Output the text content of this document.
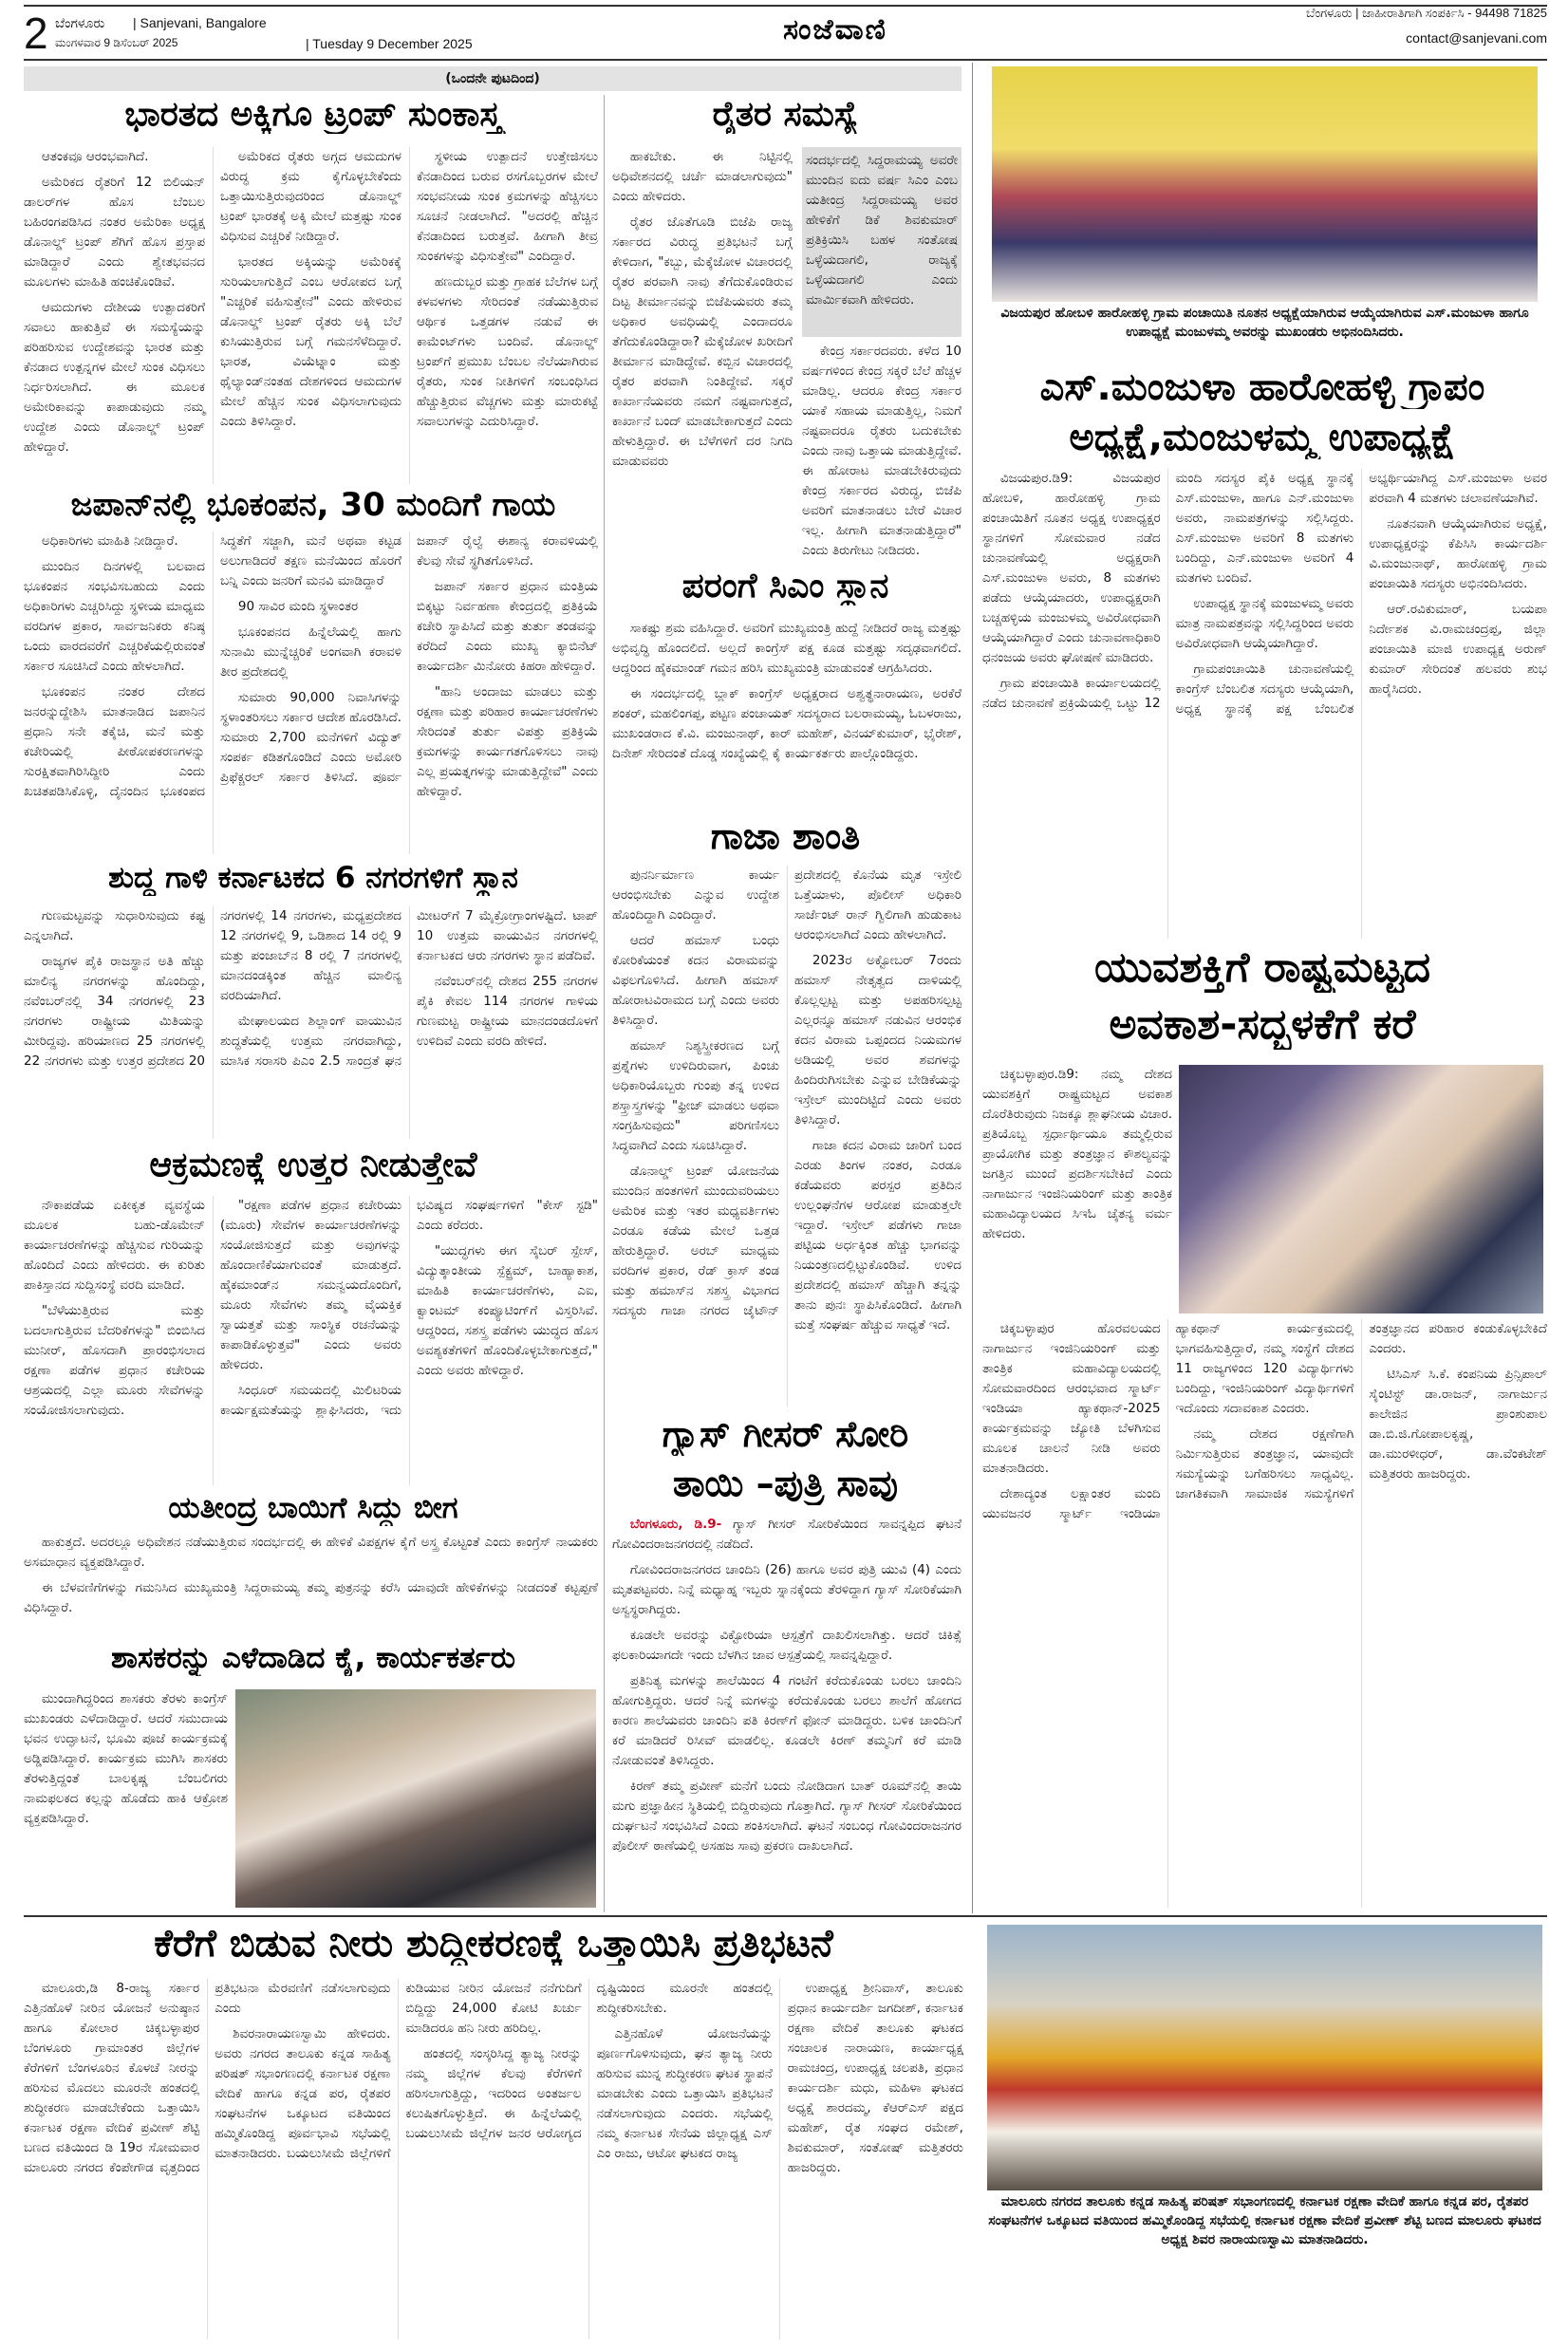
2 ಬೆಂಗಳೂರು | Sanjevani, Bangalore
ಮಂಗಳವಾರ 9 ಡಿಸೆಂಬರ್ 2025	| Tuesday 9 December 2025	ಸಂಜೆವಾಣಿ
ಬೆಂಗಳೂರು | ಜಾಹೀರಾತಿಗಾಗಿ ಸಂಪರ್ಕಿಸಿ - 94498 71825
contact@sanjevani.com
(ಒಂದನೇ ಪುಟದಿಂದ)
ಭಾರತದ ಅಕ್ಕಿಗೂ ಟ್ರಂಪ್ ಸುಂಕಾಸ್ತ್ರ

ಆತಂಕವೂ ಆರಂಭವಾಗಿದೆ.

ಅಮೆರಿಕದ ರೈತರಿಗೆ 12 ಬಿಲಿಯನ್ ಡಾಲರ್‌ಗಳ ಹೊಸ ಬೆಂಬಲ ಬಹಿರಂಗಪಡಿಸಿದ ನಂತರ ಅಮೆರಿಕಾ ಅಧ್ಯಕ್ಷ ಡೊನಾಲ್ಡ್ ಟ್ರಂಪ್ ಶೆಗಿಗೆ ಹೊಸ ಪ್ರಸ್ತಾಪ ಮಾಡಿದ್ದಾರೆ ಎಂದು ಶ್ವೇತಭವನದ ಮೂಲಗಳು ಮಾಹಿತಿ ಹಂಚಿಕೊಂಡಿವೆ.

ಆಮದುಗಳು ದೇಶೀಯ ಉತ್ಪಾದಕರಿಗೆ ಸವಾಲು ಹಾಕುತ್ತಿವೆ ಈ ಸಮಸ್ಯೆಯನ್ನು ಪರಿಹರಿಸುವ ಉದ್ದೇಶವನ್ನು ಭಾರತ ಮತ್ತು ಕೆನಡಾದ ಉತ್ಪನ್ನಗಳ ಮೇಲೆ ಸುಂಕ ವಿಧಿಸಲು ನಿರ್ಧರಿಸಲಾಗಿದೆ. ಈ ಮೂಲಕ ಅಮೇರಿಕಾವನ್ನು ಕಾಪಾಡುವುದು ನಮ್ಮ ಉದ್ದೇಶ ಎಂದು ಡೊನಾಲ್ಡ್ ಟ್ರಂಪ್ ಹೇಳಿದ್ದಾರೆ.

ಅಮೆರಿಕದ ರೈತರು ಅಗ್ಗದ ಆಮದುಗಳ ವಿರುದ್ಧ ಕ್ರಮ ಕೈಗೊಳ್ಳಬೇಕೆಂದು ಒತ್ತಾಯಿಸುತ್ತಿರುವುದರಿಂದ ಡೊನಾಲ್ಡ್ ಟ್ರಂಪ್ ಭಾರತಕ್ಕೆ ಅಕ್ಕಿ ಮೇಲೆ ಮತ್ತಷ್ಟು ಸುಂಕ ವಿಧಿಸುವ ಎಚ್ಚರಿಕೆ ನೀಡಿದ್ದಾರೆ.

ಭಾರತದ ಅಕ್ಕಿಯನ್ನು ಅಮೆರಿಕಕ್ಕೆ ಸುರಿಯಲಾಗುತ್ತಿದೆ ಎಂಬ ಆರೋಪದ ಬಗ್ಗೆ "ಎಚ್ಚರಿಕೆ ವಹಿಸುತ್ತೇನೆ" ಎಂದು ಹೇಳಿರುವ ಡೊನಾಲ್ಡ್ ಟ್ರಂಪ್ ರೈತರು ಅಕ್ಕಿ ಬೆಲೆ ಕುಸಿಯುತ್ತಿರುವ ಬಗ್ಗೆ ಗಮನಸೆಳೆದಿದ್ದಾರೆ. ಭಾರತ, ವಿಯೆಟ್ನಾಂ ಮತ್ತು ಥೈಲ್ಯಾಂಡ್‌ನಂತಹ ದೇಶಗಳಿಂದ ಆಮದುಗಳ ಮೇಲೆ ಹೆಚ್ಚಿನ ಸುಂಕ ವಿಧಿಸಲಾಗುವುದು ಎಂದು ತಿಳಿಸಿದ್ದಾರೆ.

ಸ್ಥಳೀಯ ಉತ್ಪಾದನೆ ಉತ್ತೇಜಿಸಲು ಕೆನಡಾದಿಂದ ಬರುವ ರಸಗೊಬ್ಬರಗಳ ಮೇಲೆ ಸಂಭವನೀಯ ಸುಂಕ ಕ್ರಮಗಳನ್ನು ಹೆಚ್ಚಿಸಲು ಸೂಚನೆ ನೀಡಲಾಗಿದೆ. "ಅದರಲ್ಲಿ ಹೆಚ್ಚಿನ ಕೆನಡಾದಿಂದ ಬರುತ್ತವೆ. ಹೀಗಾಗಿ ತೀವ್ರ ಸುಂಕಗಳನ್ನು ವಿಧಿಸುತ್ತೇವೆ" ಎಂದಿದ್ದಾರೆ.

ಹಣದುಬ್ಬರ ಮತ್ತು ಗ್ರಾಹಕ ಬೆಲೆಗಳ ಬಗ್ಗೆ ಕಳವಳಗಳು ಸೇರಿದಂತೆ ನಡೆಯುತ್ತಿರುವ ಆರ್ಥಿಕ ಒತ್ತಡಗಳ ನಡುವೆ ಈ ಕಾಮೆಂಟ್‌ಗಳು ಬಂದಿವೆ. ಡೊನಾಲ್ಡ್ ಟ್ರಂಪ್‌ಗೆ ಪ್ರಮುಖ ಬೆಂಬಲ ನೆಲೆಯಾಗಿರುವ ರೈತರು, ಸುಂಕ ನೀತಿಗಳಿಗೆ ಸಂಬಂಧಿಸಿದ ಹೆಚ್ಚುತ್ತಿರುವ ವೆಚ್ಚಗಳು ಮತ್ತು ಮಾರುಕಟ್ಟೆ ಸವಾಲುಗಳನ್ನು ಎದುರಿಸಿದ್ದಾರೆ.

ರೈತರ ಸಮಸ್ಯೆ

ಹಾಕಬೇಕು. ಈ ನಿಟ್ಟಿನಲ್ಲಿ ಅಧಿವೇಶನದಲ್ಲಿ ಚರ್ಚೆ ಮಾಡಲಾಗುವುದು" ಎಂದು ಹೇಳಿದರು.

ರೈತರ ಜೊತೆಗೂಡಿ ಬಿಜೆಪಿ ರಾಜ್ಯ ಸರ್ಕಾರದ ವಿರುದ್ಧ ಪ್ರತಿಭಟನೆ ಬಗ್ಗೆ ಕೇಳಿದಾಗ, "ಕಬ್ಬು, ಮೆಕ್ಕೆಜೋಳ ವಿಚಾರದಲ್ಲಿ ರೈತರ ಪರವಾಗಿ ನಾವು ತೆಗೆದುಕೊಂಡಿರುವ ದಿಟ್ಟ ತೀರ್ಮಾನವನ್ನು ಬಿಜೆಪಿಯವರು ತಮ್ಮ ಅಧಿಕಾರ ಅವಧಿಯಲ್ಲಿ ಎಂದಾದರೂ ತೆಗೆದುಕೊಂಡಿದ್ದಾರಾ? ಮೆಕ್ಕೆಜೋಳ ಖರೀದಿಗೆ ತೀರ್ಮಾನ ಮಾಡಿದ್ದೇವೆ. ಕಬ್ಬಿನ ವಿಚಾರದಲ್ಲಿ ರೈತರ ಪರವಾಗಿ ನಿಂತಿದ್ದೇವೆ. ಸಕ್ಕರೆ ಕಾರ್ಖಾನೆಯವರು ನಮಗೆ ನಷ್ಟವಾಗುತ್ತದೆ, ಕಾರ್ಖಾನೆ ಬಂದ್ ಮಾಡಬೇಕಾಗುತ್ತದೆ ಎಂದು ಹೇಳುತ್ತಿದ್ದಾರೆ. ಈ ಬೆಳೆಗಳಿಗೆ ದರ ನಿಗದಿ ಮಾಡುವವರು

ಸಂದರ್ಭದಲ್ಲಿ ಸಿದ್ದರಾಮಯ್ಯ ಅವರೇ ಮುಂದಿನ ಐದು ವರ್ಷ ಸಿಎಂ ಎಂಬ ಯತೀಂದ್ರ ಸಿದ್ದರಾಮಯ್ಯ ಅವರ ಹೇಳಿಕೆಗೆ ಡಿಕೆ ಶಿವಕುಮಾರ್ ಪ್ರತಿಕ್ರಿಯಿಸಿ ಬಹಳ ಸಂತೋಷ ಒಳ್ಳೆಯದಾಗಲಿ, ರಾಜ್ಯಕ್ಕೆ ಒಳ್ಳೆಯದಾಗಲಿ ಎಂದು ಮಾರ್ಮಿಕವಾಗಿ ಹೇಳಿದರು.

ಕೇಂದ್ರ ಸರ್ಕಾರದವರು. ಕಳೆದ 10 ವರ್ಷಗಳಿಂದ ಕೇಂದ್ರ ಸಕ್ಕರೆ ಬೆಲೆ ಹೆಚ್ಚಳ ಮಾಡಿಲ್ಲ. ಆದರೂ ಕೇಂದ್ರ ಸರ್ಕಾರ ಯಾಕೆ ಸಹಾಯ ಮಾಡುತ್ತಿಲ್ಲ, ನಿಮಗೆ ನಷ್ಟವಾದರೂ ರೈತರು ಬದುಕಬೇಕು ಎಂದು ನಾವು ಒತ್ತಾಯ ಮಾಡುತ್ತಿದ್ದೇವೆ. ಈ ಹೋರಾಟ ಮಾಡಬೇಕಿರುವುದು ಕೇಂದ್ರ ಸರ್ಕಾರದ ವಿರುದ್ಧ, ಬಿಜೆಪಿ ಅವರಿಗೆ ಮಾತನಾಡಲು ಬೇರೆ ವಿಚಾರ ಇಲ್ಲ. ಹೀಗಾಗಿ ಮಾತನಾಡುತ್ತಿದ್ದಾರೆ" ಎಂದು ತಿರುಗೇಟು ನೀಡಿದರು.

ಜಪಾನ್‌ನಲ್ಲಿ ಭೂಕಂಪನ, 30 ಮಂದಿಗೆ ಗಾಯ

ಅಧಿಕಾರಿಗಳು ಮಾಹಿತಿ ನೀಡಿದ್ದಾರೆ.

ಮುಂದಿನ ದಿನಗಳಲ್ಲಿ ಬಲವಾದ ಭೂಕಂಪನ ಸಂಭವಿಸಬಹುದು ಎಂದು ಅಧಿಕಾರಿಗಳು ಎಚ್ಚರಿಸಿದ್ದು ಸ್ಥಳೀಯ ಮಾಧ್ಯಮ ವರದಿಗಳ ಪ್ರಕಾರ, ಸಾರ್ವಜನಿಕರು ಕನಿಷ್ಠ ಒಂದು ವಾರದವರೆಗೆ ಎಚ್ಚರಿಕೆಯಲ್ಲಿರುವಂತೆ ಸರ್ಕಾರ ಸೂಚಿಸಿದೆ ಎಂದು ಹೇಳಲಾಗಿದೆ.

ಭೂಕಂಪನ ನಂತರ ದೇಶದ ಜನರನ್ನುದ್ದೇಶಿಸಿ ಮಾತನಾಡಿದ ಜಪಾನಿನ ಪ್ರಧಾನಿ ಸನೇ ತಕೈಚಿ, ಮನೆ ಮತ್ತು ಕಚೇರಿಯಲ್ಲಿ ಪೀಠೋಪಕರಣಗಳನ್ನು ಸುರಕ್ಷಿತವಾಗಿರಿಸಿದ್ದೀರಿ ಎಂದು ಖಚಿತಪಡಿಸಿಕೊಳ್ಳಿ, ದೈನಂದಿನ ಭೂಕಂಪದ ಸಿದ್ಧತೆಗೆ ಸಜ್ಜಾಗಿ, ಮನೆ ಅಥವಾ ಕಟ್ಟಡ ಅಲುಗಾಡಿದರೆ ತಕ್ಷಣ ಮನೆಯಿಂದ ಹೊರಗೆ ಬನ್ನಿ ಎಂದು ಜನರಿಗೆ ಮನವಿ ಮಾಡಿದ್ದಾರೆ

90 ಸಾವಿರ ಮಂದಿ ಸ್ಥಳಾಂತರ

ಭೂಕಂಪನದ ಹಿನ್ನೆಲೆಯಲ್ಲಿ ಹಾಗು ಸುನಾಮಿ ಮುನ್ನೆಚ್ಚರಿಕೆ ಅಂಗವಾಗಿ ಕರಾವಳಿ ತೀರ ಪ್ರದೇಶದಲ್ಲಿ

ಸುಮಾರು 90,000 ನಿವಾಸಿಗಳನ್ನು ಸ್ಥಳಾಂತರಿಸಲು ಸರ್ಕಾರ ಆದೇಶ ಹೊರಡಿಸಿದೆ. ಸುಮಾರು 2,700 ಮನೆಗಳಿಗೆ ವಿದ್ಯುತ್ ಸಂಪರ್ಕ ಕಡಿತಗೊಂಡಿದೆ ಎಂದು ಅಮೋರಿ ಪ್ರಿಫೆಕ್ಚರಲ್ ಸರ್ಕಾರ ತಿಳಿಸಿದೆ. ಪೂರ್ವ ಜಪಾನ್ ರೈಲ್ವೆ ಈಶಾನ್ಯ ಕರಾವಳಿಯಲ್ಲಿ ಕೆಲವು ಸೇವೆ ಸ್ಥಗಿತಗೊಳಿಸಿದೆ.

ಜಪಾನ್ ಸರ್ಕಾರ ಪ್ರಧಾನ ಮಂತ್ರಿಯ ಬಿಕ್ಕಟ್ಟು ನಿರ್ವಹಣಾ ಕೇಂದ್ರದಲ್ಲಿ ಪ್ರತಿಕ್ರಿಯೆ ಕಚೇರಿ ಸ್ಥಾಪಿಸಿದೆ ಮತ್ತು ತುರ್ತು ತಂಡವನ್ನು ಕರೆದಿದೆ ಎಂದು ಮುಖ್ಯ ಕ್ಯಾಬಿನೆಟ್ ಕಾರ್ಯದರ್ಶಿ ಮಿನೋರು ಕಿಹರಾ ಹೇಳಿದ್ದಾರೆ.

"ಹಾನಿ ಅಂದಾಜು ಮಾಡಲು ಮತ್ತು ರಕ್ಷಣಾ ಮತ್ತು ಪರಿಹಾರ ಕಾರ್ಯಾಚರಣೆಗಳು ಸೇರಿದಂತೆ ತುರ್ತು ವಿಪತ್ತು ಪ್ರತಿಕ್ರಿಯೆ ಕ್ರಮಗಳನ್ನು ಕಾರ್ಯಗತಗೊಳಿಸಲು ನಾವು ಎಲ್ಲ ಪ್ರಯತ್ನಗಳನ್ನು ಮಾಡುತ್ತಿದ್ದೇವೆ" ಎಂದು ಹೇಳಿದ್ದಾರೆ.

ಪರಂಗೆ ಸಿಎಂ ಸ್ಥಾನ

ಸಾಕಷ್ಟು ಶ್ರಮ ವಹಿಸಿದ್ದಾರೆ. ಅವರಿಗೆ ಮುಖ್ಯಮಂತ್ರಿ ಹುದ್ದೆ ನೀಡಿದರೆ ರಾಜ್ಯ ಮತ್ತಷ್ಟು ಅಭಿವೃದ್ಧಿ ಹೊಂದಲಿದೆ. ಅಲ್ಲದೆ ಕಾಂಗ್ರೆಸ್ ಪಕ್ಷ ಕೂಡ ಮತ್ತಷ್ಟು ಸದೃಢವಾಗಲಿದೆ. ಆದ್ದರಿಂದ ಹೈಕಮಾಂಡ್ ಗಮನ ಹರಿಸಿ ಮುಖ್ಯಮಂತ್ರಿ ಮಾಡುವಂತೆ ಆಗ್ರಹಿಸಿದರು.

ಈ ಸಂದರ್ಭದಲ್ಲಿ ಬ್ಲಾಕ್ ಕಾಂಗ್ರೆಸ್ ಅಧ್ಯಕ್ಷರಾದ ಅಶ್ವತ್ಥನಾರಾಯಣ, ಅರಕೆರೆ ಶಂಕರ್, ಮಹಲಿಂಗಪ್ಪ, ಪಟ್ಟಣ ಪಂಚಾಯತ್ ಸದಸ್ಯರಾದ ಬಲರಾಮಯ್ಯ, ಓಬಳರಾಜು, ಮುಖಂಡರಾದ ಕೆ.ವಿ. ಮಂಜುನಾಥ್, ಕಾರ್ ಮಹೇಶ್, ವಿನಯ್‌ಕುಮಾರ್, ಭೈರೇಶ್, ದಿನೇಶ್ ಸೇರಿದಂತೆ ದೊಡ್ಡ ಸಂಖ್ಯೆಯಲ್ಲಿ ಕೈ ಕಾರ್ಯಕರ್ತರು ಪಾಲ್ಗೊಂಡಿದ್ದರು.

ಗಾಜಾ ಶಾಂತಿ

ಪುನರ್ನಿರ್ಮಾಣ ಕಾರ್ಯ ಆರಂಭಿಸಬೇಕು ಎನ್ನುವ ಉದ್ದೇಶ ಹೊಂದಿದ್ದಾಗಿ ಎಂದಿದ್ದಾರೆ.

ಆದರೆ ಹಮಾಸ್ ಬಂಧು ಕೋರಿಕೆಯಂತೆ ಕದನ ವಿರಾಮವನ್ನು ವಿಫಲಗೊಳಿಸಿದೆ. ಹೀಗಾಗಿ ಹಮಾಸ್ ಹೋರಾಟವಿರಾಮದ ಬಗ್ಗೆ ಎಂದು ಅವರು ತಿಳಿಸಿದ್ದಾರೆ.

ಹಮಾಸ್ ನಿಶ್ಯಸ್ತ್ರೀಕರಣದ ಬಗ್ಗೆ ಪ್ರಶ್ನೆಗಳು ಉಳಿದಿರುವಾಗ, ಪಿಂಚು ಅಧಿಕಾರಿಯೊಬ್ಬರು ಗುಂಪು ತನ್ನ ಉಳಿದ ಶಸ್ತ್ರಾಸ್ತ್ರಗಳನ್ನು "ಫ್ರೀಜ್ ಮಾಡಲು ಅಥವಾ ಸಂಗ್ರಹಿಸುವುದು" ಪರಿಗಣಿಸಲು ಸಿದ್ಧವಾಗಿದೆ ಎಂದು ಸೂಚಿಸಿದ್ದಾರೆ.

ಡೊನಾಲ್ಡ್ ಟ್ರಂಪ್ ಯೋಜನೆಯ ಮುಂದಿನ ಹಂತಗಳಿಗೆ ಮುಂದುವರಿಯಲು ಅಮೆರಿಕ ಮತ್ತು ಇತರ ಮಧ್ಯವರ್ತಿಗಳು ಎರಡೂ ಕಡೆಯ ಮೇಲೆ ಒತ್ತಡ ಹೇರುತ್ತಿದ್ದಾರೆ. ಅರಬ್ ಮಾಧ್ಯಮ ವರದಿಗಳ ಪ್ರಕಾರ, ರೆಡ್ ಕ್ರಾಸ್ ತಂಡ ಮತ್ತು ಹಮಾಸ್‌ನ ಸಶಸ್ತ್ರ ವಿಭಾಗದ ಸದಸ್ಯರು ಗಾಜಾ ನಗರದ ಜೈಟೌನ್ ಪ್ರದೇಶದಲ್ಲಿ ಕೊನೆಯ ಮೃತ ಇಸ್ರೇಲಿ ಒತ್ತೆಯಾಳು, ಪೊಲೀಸ್ ಅಧಿಕಾರಿ ಸಾರ್ಜೆಂಟ್ ರಾನ್ ಗ್ವಿಲಿಗಾಗಿ ಹುಡುಕಾಟ ಆರಂಭಿಸಲಾಗಿದೆ ಎಂದು ಹೇಳಲಾಗಿದೆ.

2023ರ ಅಕ್ಟೋಬರ್ 7ರಂದು ಹಮಾಸ್ ನೇತೃತ್ವದ ದಾಳಿಯಲ್ಲಿ ಕೊಲ್ಲಲ್ಪಟ್ಟ ಮತ್ತು ಅಪಹರಿಸಲ್ಪಟ್ಟ ಎಲ್ಲರನ್ನೂ ಹಮಾಸ್ ನಡುವಿನ ಆರಂಭಿಕ ಕದನ ವಿರಾಮ ಒಪ್ಪಂದದ ನಿಯಮಗಳ ಅಡಿಯಲ್ಲಿ ಅವರ ಶವಗಳನ್ನು ಹಿಂದಿರುಗಿಸಬೇಕು ಎನ್ನುವ ಬೇಡಿಕೆಯನ್ನು ಇಸ್ರೇಲ್ ಮುಂದಿಟ್ಟಿದೆ ಎಂದು ಅವರು ತಿಳಿಸಿದ್ದಾರೆ.

ಗಾಜಾ ಕದನ ವಿರಾಮ ಜಾರಿಗೆ ಬಂದ ಎರಡು ತಿಂಗಳ ನಂತರ, ಎರಡೂ ಕಡೆಯವರು ಪರಸ್ಪರ ಪ್ರತಿದಿನ ಉಲ್ಲಂಘನೆಗಳ ಆರೋಪ ಮಾಡುತ್ತಲೇ ಇದ್ದಾರೆ. ಇಸ್ರೇಲ್ ಪಡೆಗಳು ಗಾಜಾ ಪಟ್ಟಿಯ ಅರ್ಧಕ್ಕಿಂತ ಹೆಚ್ಚು ಭಾಗವನ್ನು ನಿಯಂತ್ರಣದಲ್ಲಿಟ್ಟುಕೊಂಡಿವೆ. ಉಳಿದ ಪ್ರದೇಶದಲ್ಲಿ ಹಮಾಸ್ ಹೆಚ್ಚಾಗಿ ತನ್ನನ್ನು ತಾನು ಪುನಃ ಸ್ಥಾಪಿಸಿಕೊಂಡಿದೆ. ಹೀಗಾಗಿ ಮತ್ತೆ ಸಂಘರ್ಷ ಹೆಚ್ಚುವ ಸಾಧ್ಯತೆ ಇದೆ.

ಶುದ್ಧ ಗಾಳಿ ಕರ್ನಾಟಕದ 6 ನಗರಗಳಿಗೆ ಸ್ಥಾನ

ಗುಣಮಟ್ಟವನ್ನು ಸುಧಾರಿಸುವುದು ಕಷ್ಟ ಎನ್ನಲಾಗಿದೆ.

ರಾಜ್ಯಗಳ ಪೈಕಿ ರಾಜಸ್ಥಾನ ಅತಿ ಹೆಚ್ಚು ಮಾಲಿನ್ಯ ನಗರಗಳನ್ನು ಹೊಂದಿದ್ದು, ನವೆಂಬರ್‌ನಲ್ಲಿ 34 ನಗರಗಳಲ್ಲಿ 23 ನಗರಗಳು ರಾಷ್ಟ್ರೀಯ ಮಿತಿಯನ್ನು ಮೀರಿದ್ದವು. ಹರಿಯಾಣದ 25 ನಗರಗಳಲ್ಲಿ 22 ನಗರಗಳು ಮತ್ತು ಉತ್ತರ ಪ್ರದೇಶದ 20 ನಗರಗಳಲ್ಲಿ 14 ನಗರಗಳು, ಮಧ್ಯಪ್ರದೇಶದ 12 ನಗರಗಳಲ್ಲಿ 9, ಒಡಿಶಾದ 14 ರಲ್ಲಿ 9 ಮತ್ತು ಪಂಜಾಬ್‌ನ 8 ರಲ್ಲಿ 7 ನಗರಗಳಲ್ಲಿ ಮಾನದಂಡಕ್ಕಿಂತ ಹೆಚ್ಚಿನ ಮಾಲಿನ್ಯ ವರದಿಯಾಗಿದೆ.

ಮೇಘಾಲಯದ ಶಿಲ್ಲಾಂಗ್ ವಾಯುವಿನ ಶುದ್ಧತೆಯಲ್ಲಿ ಉತ್ತಮ ನಗರವಾಗಿದ್ದು, ಮಾಸಿಕ ಸರಾಸರಿ ಪಿಎಂ 2.5 ಸಾಂದ್ರತೆ ಘನ ಮೀಟರ್‌ಗೆ 7 ಮೈಕ್ರೋಗ್ರಾಂಗಳಷ್ಟಿದೆ. ಟಾಪ್ 10 ಉತ್ತಮ ವಾಯುವಿನ ನಗರಗಳಲ್ಲಿ ಕರ್ನಾಟಕದ ಆರು ನಗರಗಳು ಸ್ಥಾನ ಪಡೆದಿವೆ.

ನವೆಂಬರ್‌ನಲ್ಲಿ ದೇಶದ 255 ನಗರಗಳ ಪೈಕಿ ಕೇವಲ 114 ನಗರಗಳ ಗಾಳಿಯ ಗುಣಮಟ್ಟ ರಾಷ್ಟ್ರೀಯ ಮಾನದಂಡದೊಳಗೆ ಉಳಿದಿವೆ ಎಂದು ವರದಿ ಹೇಳಿದೆ.

ಆಕ್ರಮಣಕ್ಕೆ ಉತ್ತರ ನೀಡುತ್ತೇವೆ

ನೌಕಾಪಡೆಯ ಏಕೀಕೃತ ವ್ಯವಸ್ಥೆಯ ಮೂಲಕ ಬಹು-ಡೊಮೇನ್ ಕಾರ್ಯಾಚರಣೆಗಳನ್ನು ಹೆಚ್ಚಿಸುವ ಗುರಿಯನ್ನು ಹೊಂದಿದೆ ಎಂದು ಹೇಳಿದರು. ಈ ಕುರಿತು ಪಾಕಿಸ್ತಾನದ ಸುದ್ದಿಸಂಸ್ಥೆ ವರದಿ ಮಾಡಿದೆ.

"ಬೆಳೆಯುತ್ತಿರುವ ಮತ್ತು ಬದಲಾಗುತ್ತಿರುವ ಬೆದರಿಕೆಗಳನ್ನು" ಬಿಂಬಿಸಿದ ಮುನೀರ್, ಹೊಸದಾಗಿ ಪ್ರಾರಂಭಿಸಲಾದ ರಕ್ಷಣಾ ಪಡೆಗಳ ಪ್ರಧಾನ ಕಚೇರಿಯ ಆಶ್ರಯದಲ್ಲಿ ಎಲ್ಲಾ ಮೂರು ಸೇವೆಗಳನ್ನು ಸಂಯೋಜಿಸಲಾಗುವುದು.

"ರಕ್ಷಣಾ ಪಡೆಗಳ ಪ್ರಧಾನ ಕಚೇರಿಯು (ಮೂರು) ಸೇವೆಗಳ ಕಾರ್ಯಾಚರಣೆಗಳನ್ನು ಸಂಯೋಜಿಸುತ್ತದೆ ಮತ್ತು ಅವುಗಳನ್ನು ಹೊಂದಾಣಿಕೆಯಾಗುವಂತೆ ಮಾಡುತ್ತದೆ. ಹೈಕಮಾಂಡ್‌ನ ಸಮನ್ವಯದೊಂದಿಗೆ, ಮೂರು ಸೇವೆಗಳು ತಮ್ಮ ವೈಯಕ್ತಿಕ ಸ್ವಾಯತ್ತತೆ ಮತ್ತು ಸಾಂಸ್ಥಿಕ ರಚನೆಯನ್ನು ಕಾಪಾಡಿಕೊಳ್ಳುತ್ತವೆ" ಎಂದು ಅವರು ಹೇಳಿದರು.

ಸಿಂಧೂರ್ ಸಮಯದಲ್ಲಿ ಮಿಲಿಟರಿಯ ಕಾರ್ಯಕ್ಷಮತೆಯನ್ನು ಶ್ಲಾಘಿಸಿದರು, ಇದು ಭವಿಷ್ಯದ ಸಂಘರ್ಷಗಳಿಗೆ "ಕೇಸ್ ಸ್ಟಡಿ" ಎಂದು ಕರೆದರು.

"ಯುದ್ಧಗಳು ಈಗ ಸೈಬರ್ ಸ್ಪೇಸ್, ವಿದ್ಯುತ್ಕಾಂತೀಯ ಸ್ಪೆಕ್ಟ್ರಮ್, ಬಾಹ್ಯಾಕಾಶ, ಮಾಹಿತಿ ಕಾರ್ಯಾಚರಣೆಗಳು, ಎಐ, ಕ್ವಾಂಟಮ್ ಕಂಪ್ಯೂಟಿಂಗ್‌ಗೆ ವಿಸ್ತರಿಸಿವೆ. ಆದ್ದರಿಂದ, ಸಶಸ್ತ್ರ ಪಡೆಗಳು ಯುದ್ಧದ ಹೊಸ ಅವಶ್ಯಕತೆಗಳಿಗೆ ಹೊಂದಿಕೊಳ್ಳಬೇಕಾಗುತ್ತದೆ," ಎಂದು ಅವರು ಹೇಳಿದ್ದಾರೆ.

ಯತೀಂದ್ರ ಬಾಯಿಗೆ ಸಿದ್ದು ಬೀಗ

ಹಾಕುತ್ತದೆ. ಅದರಲ್ಲೂ ಅಧಿವೇಶನ ನಡೆಯುತ್ತಿರುವ ಸಂದರ್ಭದಲ್ಲಿ ಈ ಹೇಳಿಕೆ ವಿಪಕ್ಷಗಳ ಕೈಗೆ ಅಸ್ತ್ರ ಕೊಟ್ಟಂತೆ ಎಂದು ಕಾಂಗ್ರೆಸ್ ನಾಯಕರು ಅಸಮಾಧಾನ ವ್ಯಕ್ತಪಡಿಸಿದ್ದಾರೆ.

ಈ ಬೆಳವಣಿಗೆಗಳನ್ನು ಗಮನಿಸಿದ ಮುಖ್ಯಮಂತ್ರಿ ಸಿದ್ದರಾಮಯ್ಯ ತಮ್ಮ ಪುತ್ರನನ್ನು ಕರೆಸಿ ಯಾವುದೇ ಹೇಳಿಕೆಗಳನ್ನು ನೀಡದಂತೆ ಕಟ್ಟಪ್ಪಣೆ ವಿಧಿಸಿದ್ದಾರೆ.

ಗ್ಯಾಸ್ ಗೀಸರ್ ಸೋರಿ
ತಾಯಿ –ಪುತ್ರಿ ಸಾವು

ಬೆಂಗಳೂರು, ಡಿ.9- ಗ್ಯಾಸ್ ಗೀಸರ್ ಸೋರಿಕೆಯಿಂದ ಸಾವನ್ನಪ್ಪಿದ ಘಟನೆ ಗೋವಿಂದರಾಜನಗರದಲ್ಲಿ ನಡೆದಿದೆ.

ಗೋವಿಂದರಾಜನಗರದ ಚಾಂದಿನಿ (26) ಹಾಗೂ ಅವರ ಪುತ್ರಿ ಯುವಿ (4) ಎಂದು ಮೃತಪಟ್ಟವರು. ನಿನ್ನೆ ಮಧ್ಯಾಹ್ನ ಇಬ್ಬರು ಸ್ನಾನಕ್ಕೆಂದು ತೆರಳಿದ್ದಾಗ ಗ್ಯಾಸ್ ಸೋರಿಕೆಯಾಗಿ ಅಸ್ವಸ್ಥರಾಗಿದ್ದರು.

ಕೂಡಲೇ ಅವರನ್ನು ವಿಕ್ಟೋರಿಯಾ ಆಸ್ಪತ್ರೆಗೆ ದಾಖಲಿಸಲಾಗಿತ್ತು. ಆದರೆ ಚಿಕಿತ್ಸೆ ಫಲಕಾರಿಯಾಗದೇ ಇಂದು ಬೆಳಗಿನ ಜಾವ ಆಸ್ಪತ್ರೆಯಲ್ಲಿ ಸಾವನ್ನಪ್ಪಿದ್ದಾರೆ.

ಪ್ರತಿನಿತ್ಯ ಮಗಳನ್ನು ಶಾಲೆಯಿಂದ 4 ಗಂಟೆಗೆ ಕರೆದುಕೊಂಡು ಬರಲು ಚಾಂದಿನಿ ಹೋಗುತ್ತಿದ್ದರು. ಆದರೆ ನಿನ್ನೆ ಮಗಳನ್ನು ಕರೆದುಕೊಂಡು ಬರಲು ಶಾಲೆಗೆ ಹೋಗದ ಕಾರಣ ಶಾಲೆಯವರು ಚಾಂದಿನಿ ಪತಿ ಕಿರಣ್‌ಗೆ ಫೋನ್ ಮಾಡಿದ್ದರು. ಬಳಿಕ ಚಾಂದಿನಿಗೆ ಕರೆ ಮಾಡಿದರೆ ರಿಸೀವ್ ಮಾಡಲಿಲ್ಲ. ಕೂಡಲೇ ಕಿರಣ್ ತಮ್ಮನಿಗೆ ಕರೆ ಮಾಡಿ ನೋಡುವಂತೆ ತಿಳಿಸಿದ್ದರು.

ಕಿರಣ್ ತಮ್ಮ ಪ್ರವೀಣ್ ಮನೆಗೆ ಬಂದು ನೋಡಿದಾಗ ಬಾತ್ ರೂಮ್‌ನಲ್ಲಿ ತಾಯಿ ಮಗು ಪ್ರಜ್ಞಾಹೀನ ಸ್ಥಿತಿಯಲ್ಲಿ ಬಿದ್ದಿರುವುದು ಗೊತ್ತಾಗಿದೆ. ಗ್ಯಾಸ್ ಗೀಸರ್ ಸೋರಿಕೆಯಿಂದ ದುರ್ಘಟನೆ ಸಂಭವಿಸಿದೆ ಎಂದು ಶಂಕಿಸಲಾಗಿದೆ. ಘಟನೆ ಸಂಬಂಧ ಗೋವಿಂದರಾಜನಗರ ಪೊಲೀಸ್ ಠಾಣೆಯಲ್ಲಿ ಅಸಹಜ ಸಾವು ಪ್ರಕರಣ ದಾಖಲಾಗಿದೆ.

ಶಾಸಕರನ್ನು ಎಳೆದಾಡಿದ ಕೈ, ಕಾರ್ಯಕರ್ತರು

ಮುಂದಾಗಿದ್ದರಿಂದ ಶಾಸಕರು ತೆರಳು ಕಾಂಗ್ರೆಸ್ ಮುಖಂಡರು ಎಳೆದಾಡಿದ್ದಾರೆ. ಆದರೆ ಸಮುದಾಯ ಭವನ ಉದ್ಘಾಟನೆ, ಭೂಮಿ ಪೂಜೆ ಕಾರ್ಯಕ್ರಮಕ್ಕೆ ಅಡ್ಡಿಪಡಿಸಿದ್ದಾರೆ. ಕಾರ್ಯಕ್ರಮ ಮುಗಿಸಿ ಶಾಸಕರು ತೆರಳುತ್ತಿದ್ದಂತೆ ಬಾಲಕೃಷ್ಣ ಬೆಂಬಲಿಗರು ನಾಮಫಲಕದ ಕಲ್ಲನ್ನು ಹೊಡೆದು ಹಾಕಿ ಆಕ್ರೋಶ ವ್ಯಕ್ತಪಡಿಸಿದ್ದಾರೆ.

ಕೆರೆಗೆ ಬಿಡುವ ನೀರು ಶುದ್ಧೀಕರಣಕ್ಕೆ ಒತ್ತಾಯಿಸಿ ಪ್ರತಿಭಟನೆ

ಮಾಲೂರು,ಡಿ 8-ರಾಜ್ಯ ಸರ್ಕಾರ ಎತ್ತಿನಹೊಳೆ ನೀರಿನ ಯೋಜನೆ ಅನುಷ್ಠಾನ ಹಾಗೂ ಕೋಲಾರ ಚಿಕ್ಕಬಳ್ಳಾಪುರ ಬೆಂಗಳೂರು ಗ್ರಾಮಾಂತರ ಜಿಲ್ಲೆಗಳ ಕೆರೆಗಳಿಗೆ ಬೆಂಗಳೂರಿನ ಕೊಳಚೆ ನೀರನ್ನು ಹರಿಸುವ ಮೊದಲು ಮೂರನೇ ಹಂತದಲ್ಲಿ ಶುದ್ಧೀಕರಣ ಮಾಡಬೇಕೆಂದು ಒತ್ತಾಯಿಸಿ ಕರ್ನಾಟಕ ರಕ್ಷಣಾ ವೇದಿಕೆ ಪ್ರವೀಣ್ ಶೆಟ್ಟಿ ಬಣದ ವತಿಯಿಂದ ಡಿ 19ರ ಸೋಮವಾರ ಮಾಲೂರು ನಗರದ ಕೆಂಪೇಗೌಡ ವೃತ್ತದಿಂದ ಪ್ರತಿಭಟನಾ ಮೆರವಣಿಗೆ ನಡೆಸಲಾಗುವುದು ಎಂದು

ಶಿವರನಾರಾಯಣಸ್ವಾಮಿ ಹೇಳಿದರು. ಅವರು ನಗರದ ತಾಲೂಕು ಕನ್ನಡ ಸಾಹಿತ್ಯ ಪರಿಷತ್ ಸಭಾಂಗಣದಲ್ಲಿ ಕರ್ನಾಟಕ ರಕ್ಷಣಾ ವೇದಿಕೆ ಹಾಗೂ ಕನ್ನಡ ಪರ, ರೈತಪರ ಸಂಘಟನೆಗಳ ಒಕ್ಕೂಟದ ವತಿಯಿಂದ ಹಮ್ಮಿಕೊಂಡಿದ್ದ ಪೂರ್ವಭಾವಿ ಸಭೆಯಲ್ಲಿ ಮಾತನಾಡಿದರು. ಬಯಲುಸೀಮೆ ಜಿಲ್ಲೆಗಳಿಗೆ ಕುಡಿಯುವ ನೀರಿನ ಯೋಜನೆ ನನೆಗುದಿಗೆ ಬಿದ್ದಿದ್ದು 24,000 ಕೋಟಿ ಖರ್ಚು ಮಾಡಿದರೂ ಹನಿ ನೀರು ಹರಿದಿಲ್ಲ.

ಹಂತದಲ್ಲಿ ಸಂಸ್ಕರಿಸಿದ್ದ ತ್ಯಾಜ್ಯ ನೀರನ್ನು ನಮ್ಮ ಜಿಲ್ಲೆಗಳ ಕೆಲವು ಕೆರೆಗಳಿಗೆ ಹರಿಸಲಾಗುತ್ತಿದ್ದು, ಇದರಿಂದ ಅಂತರ್ಜಲ ಕಲುಷಿತಗೊಳ್ಳುತ್ತಿದೆ. ಈ ಹಿನ್ನೆಲೆಯಲ್ಲಿ ಬಯಲುಸೀಮೆ ಜಿಲ್ಲೆಗಳ ಜನರ ಆರೋಗ್ಯದ ದೃಷ್ಟಿಯಿಂದ ಮೂರನೇ ಹಂತದಲ್ಲಿ ಶುದ್ಧೀಕರಿಸಬೇಕು.

ಎತ್ತಿನಹೊಳೆ ಯೋಜನೆಯನ್ನು ಪೂರ್ಣಗೊಳಿಸುವುದು, ಘನ ತ್ಯಾಜ್ಯ ನೀರು ಹರಿಸುವ ಮುನ್ನ ಶುದ್ಧೀಕರಣ ಘಟಕ ಸ್ಥಾಪನೆ ಮಾಡಬೇಕು ಎಂದು ಒತ್ತಾಯಿಸಿ ಪ್ರತಿಭಟನೆ ನಡೆಸಲಾಗುವುದು ಎಂದರು. ಸಭೆಯಲ್ಲಿ ನಮ್ಮ ಕರ್ನಾಟಕ ಸೇನೆಯ ಜಿಲ್ಲಾಧ್ಯಕ್ಷ ಎಸ್ ಎಂ ರಾಜು, ಆಟೋ ಘಟಕದ ರಾಜ್ಯ

ಉಪಾಧ್ಯಕ್ಷ ಶ್ರೀನಿವಾಸ್, ತಾಲೂಕು ಪ್ರಧಾನ ಕಾರ್ಯದರ್ಶಿ ಜಗದೀಶ್, ಕರ್ನಾಟಕ ರಕ್ಷಣಾ ವೇದಿಕೆ ತಾಲೂಕು ಘಟಕದ ಸಂಚಾಲಕ ನಾರಾಯಣ, ಕಾರ್ಯಾಧ್ಯಕ್ಷ ರಾಮಚಂದ್ರ, ಉಪಾಧ್ಯಕ್ಷ ಚಲಪತಿ, ಪ್ರಧಾನ ಕಾರ್ಯದರ್ಶಿ ಮಧು, ಮಹಿಳಾ ಘಟಕದ ಅಧ್ಯಕ್ಷೆ ಶಾರದಮ್ಮ, ಕೆಆರ್‌ಎಸ್ ಪಕ್ಷದ ಮಹೇಶ್, ರೈತ ಸಂಘದ ರಮೇಶ್, ಶಿವಕುಮಾರ್, ಸಂತೋಷ್ ಮತ್ತಿತರರು ಹಾಜರಿದ್ದರು.

ವಿಜಯಪುರ ಹೋಬಳಿ ಹಾರೋಹಳ್ಳಿ ಗ್ರಾಮ ಪಂಚಾಯಿತಿ ನೂತನ ಅಧ್ಯಕ್ಷೆಯಾಗಿರುವ ಆಯ್ಕೆಯಾಗಿರುವ ಎಸ್.ಮಂಜುಳಾ ಹಾಗೂ ಉಪಾಧ್ಯಕ್ಷೆ ಮಂಜುಳಮ್ಮ ಅವರನ್ನು ಮುಖಂಡರು ಅಭಿನಂದಿಸಿದರು.
ಎಸ್.ಮಂಜುಳಾ ಹಾರೋಹಳ್ಳಿ ಗ್ರಾಪಂ
ಅಧ್ಯಕ್ಷೆ,ಮಂಜುಳಮ್ಮ ಉಪಾಧ್ಯಕ್ಷೆ

ವಿಜಯಪುರ.ಡಿ9: ವಿಜಯಪುರ ಹೋಬಳಿ, ಹಾರೋಹಳ್ಳಿ ಗ್ರಾಮ ಪಂಚಾಯಿತಿಗೆ ನೂತನ ಅಧ್ಯಕ್ಷ ಉಪಾಧ್ಯಕ್ಷರ ಸ್ಥಾನಗಳಿಗೆ ಸೋಮವಾರ ನಡೆದ ಚುನಾವಣೆಯಲ್ಲಿ ಅಧ್ಯಕ್ಷರಾಗಿ ಎಸ್.ಮಂಜುಳಾ ಅವರು, 8 ಮತಗಳು ಪಡೆದು ಆಯ್ಕೆಯಾದರು, ಉಪಾಧ್ಯಕ್ಷರಾಗಿ ಬಚ್ಚಹಳ್ಳಿಯ ಮಂಜುಳಮ್ಮ ಅವಿರೋಧವಾಗಿ ಆಯ್ಕೆಯಾಗಿದ್ದಾರೆ ಎಂದು ಚುನಾವಣಾಧಿಕಾರಿ ಧನಂಜಯ ಅವರು ಘೋಷಣೆ ಮಾಡಿದರು.

ಗ್ರಾಮ ಪಂಚಾಯಿತಿ ಕಾರ್ಯಾಲಯದಲ್ಲಿ ನಡೆದ ಚುನಾವಣೆ ಪ್ರಕ್ರಿಯೆಯಲ್ಲಿ ಒಟ್ಟು 12 ಮಂದಿ ಸದಸ್ಯರ ಪೈಕಿ ಅಧ್ಯಕ್ಷ ಸ್ಥಾನಕ್ಕೆ ಎಸ್.ಮಂಜುಳಾ, ಹಾಗೂ ಎನ್.ಮಂಜುಳಾ ಅವರು, ನಾಮಪತ್ರಗಳನ್ನು ಸಲ್ಲಿಸಿದ್ದರು. ಎಸ್.ಮಂಜುಳಾ ಅವರಿಗೆ 8 ಮತಗಳು ಬಂದಿದ್ದು, ಎನ್.ಮಂಜುಳಾ ಅವರಿಗೆ 4 ಮತಗಳು ಬಂದಿವೆ.

ಉಪಾಧ್ಯಕ್ಷ ಸ್ಥಾನಕ್ಕೆ ಮಂಜುಳಮ್ಮ ಅವರು ಮಾತ್ರ ನಾಮಪತ್ರವನ್ನು ಸಲ್ಲಿಸಿದ್ದರಿಂದ ಅವರು ಅವಿರೋಧವಾಗಿ ಆಯ್ಕೆಯಾಗಿದ್ದಾರೆ.

ಗ್ರಾಮಪಂಚಾಯಿತಿ ಚುನಾವಣೆಯಲ್ಲಿ ಕಾಂಗ್ರೆಸ್ ಬೆಂಬಲಿತ ಸದಸ್ಯರು ಆಯ್ಕೆಯಾಗಿ, ಅಧ್ಯಕ್ಷ ಸ್ಥಾನಕ್ಕೆ ಪಕ್ಷ ಬೆಂಬಲಿತ ಅಭ್ಯರ್ಥಿಯಾಗಿದ್ದ ಎಸ್.ಮಂಜುಳಾ ಅವರ ಪರವಾಗಿ 4 ಮತಗಳು ಚಲಾವಣೆಯಾಗಿವೆ.

ನೂತನವಾಗಿ ಆಯ್ಕೆಯಾಗಿರುವ ಅಧ್ಯಕ್ಷೆ, ಉಪಾಧ್ಯಕ್ಷರನ್ನು ಕೆಪಿಸಿಸಿ ಕಾರ್ಯದರ್ಶಿ ವಿ.ಮಂಜುನಾಥ್, ಹಾರೋಹಳ್ಳಿ ಗ್ರಾಮ ಪಂಚಾಯಿತಿ ಸದಸ್ಯರು ಅಭಿನಂದಿಸಿದರು.

ಆರ್.ರವಿಕುಮಾರ್, ಬಯಪಾ ನಿರ್ದೇಶಕ ವಿ.ರಾಮಚಂದ್ರಪ್ಪ, ಜಿಲ್ಲಾ ಪಂಚಾಯಿತಿ ಮಾಜಿ ಉಪಾಧ್ಯಕ್ಷ ಅರುಣ್ ಕುಮಾರ್ ಸೇರಿದಂತೆ ಹಲವರು ಶುಭ ಹಾರೈಸಿದರು.

ಯುವಶಕ್ತಿಗೆ ರಾಷ್ಟ್ರಮಟ್ಟದ
ಅವಕಾಶ-ಸದ್ಬಳಕೆಗೆ ಕರೆ

ಚಿಕ್ಕಬಳ್ಳಾಪುರ.ಡಿ9: ನಮ್ಮ ದೇಶದ ಯುವಶಕ್ತಿಗೆ ರಾಷ್ಟ್ರಮಟ್ಟದ ಅವಕಾಶ ದೊರೆತಿರುವುದು ನಿಜಕ್ಕೂ ಶ್ಲಾಘನೀಯ ವಿಚಾರ. ಪ್ರತಿಯೊಬ್ಬ ಸ್ಪರ್ಧಾರ್ಥಿಯೂ ತಮ್ಮಲ್ಲಿರುವ ಪ್ರಾಯೋಗಿಕ ಮತ್ತು ತಂತ್ರಜ್ಞಾನ ಕೌಶಲ್ಯವನ್ನು ಜಗತ್ತಿನ ಮುಂದೆ ಪ್ರದರ್ಶಿಸಬೇಕಿದೆ ಎಂದು ನಾಗಾರ್ಜುನ ಇಂಜಿನಿಯರಿಂಗ್ ಮತ್ತು ತಾಂತ್ರಿಕ ಮಹಾವಿದ್ಯಾಲಯದ ಸಿಇಓ ಚೈತನ್ಯ ವರ್ಮ ಹೇಳಿದರು.

ಚಿಕ್ಕಬಳ್ಳಾಪುರ ಹೊರವಲಯದ ನಾಗಾರ್ಜುನ ಇಂಜಿನಿಯರಿಂಗ್ ಮತ್ತು ತಾಂತ್ರಿಕ ಮಹಾವಿದ್ಯಾಲಯದಲ್ಲಿ ಸೋಮವಾರದಿಂದ ಆರಂಭವಾದ ಸ್ಮಾರ್ಟ್ ಇಂಡಿಯಾ ಹ್ಯಾಕಥಾನ್-2025 ಕಾರ್ಯಕ್ರಮವನ್ನು ಜ್ಯೋತಿ ಬೆಳಗಿಸುವ ಮೂಲಕ ಚಾಲನೆ ನೀಡಿ ಅವರು ಮಾತನಾಡಿದರು.

ದೇಶಾದ್ಯಂತ ಲಕ್ಷಾಂತರ ಮಂದಿ ಯುವಜನರ ಸ್ಮಾರ್ಟ್ ಇಂಡಿಯಾ ಹ್ಯಾಕಥಾನ್ ಕಾರ್ಯಕ್ರಮದಲ್ಲಿ ಭಾಗವಹಿಸುತ್ತಿದ್ದಾರೆ, ನಮ್ಮ ಸಂಸ್ಥೆಗೆ ದೇಶದ 11 ರಾಜ್ಯಗಳಿಂದ 120 ವಿದ್ಯಾರ್ಥಿಗಳು ಬಂದಿದ್ದು, ಇಂಜಿನಿಯರಿಂಗ್ ವಿದ್ಯಾರ್ಥಿಗಳಿಗೆ ಇದೊಂದು ಸದಾವಕಾಶ ಎಂದರು.

ನಮ್ಮ ದೇಶದ ರಕ್ಷಣೆಗಾಗಿ ನಿರ್ಮಿಸುತ್ತಿರುವ ತಂತ್ರಜ್ಞಾನ, ಯಾವುದೇ ಸಮಸ್ಯೆಯನ್ನು ಬಗೆಹರಿಸಲು ಸಾಧ್ಯವಿಲ್ಲ. ಜಾಗತಿಕವಾಗಿ ಸಾಮಾಜಿಕ ಸಮಸ್ಯೆಗಳಿಗೆ ತಂತ್ರಜ್ಞಾನದ ಪರಿಹಾರ ಕಂಡುಕೊಳ್ಳಬೇಕಿದೆ ಎಂದರು.

ಟಿಸಿಎಸ್ ಸಿ.ಕೆ. ಕಂಪನಿಯ ಪ್ರಿನ್ಸಿಪಾಲ್ ಸೈಂಟಿಸ್ಟ್ ಡಾ.ರಾಜನ್, ನಾಗಾರ್ಜುನ ಕಾಲೇಜಿನ ಪ್ರಾಂಶುಪಾಲ ಡಾ.ಬಿ.ಜಿ.ಗೋಪಾಲಕೃಷ್ಣ, ಡಾ.ಮುರಳೀಧರ್, ಡಾ.ವೆಂಕಟೇಶ್ ಮತ್ತಿತರರು ಹಾಜರಿದ್ದರು.

ಮಾಲೂರು ನಗರದ ತಾಲೂಕು ಕನ್ನಡ ಸಾಹಿತ್ಯ ಪರಿಷತ್ ಸಭಾಂಗಣದಲ್ಲಿ ಕರ್ನಾಟಕ ರಕ್ಷಣಾ ವೇದಿಕೆ ಹಾಗೂ ಕನ್ನಡ ಪರ, ರೈತಪರ ಸಂಘಟನೆಗಳ ಒಕ್ಕೂಟದ ವತಿಯಿಂದ ಹಮ್ಮಿಕೊಂಡಿದ್ದ ಸಭೆಯಲ್ಲಿ ಕರ್ನಾಟಕ ರಕ್ಷಣಾ ವೇದಿಕೆ ಪ್ರವೀಣ್ ಶೆಟ್ಟಿ ಬಣದ ಮಾಲೂರು ಘಟಕದ ಅಧ್ಯಕ್ಷ ಶಿವರ ನಾರಾಯಣಸ್ವಾಮಿ ಮಾತನಾಡಿದರು.
